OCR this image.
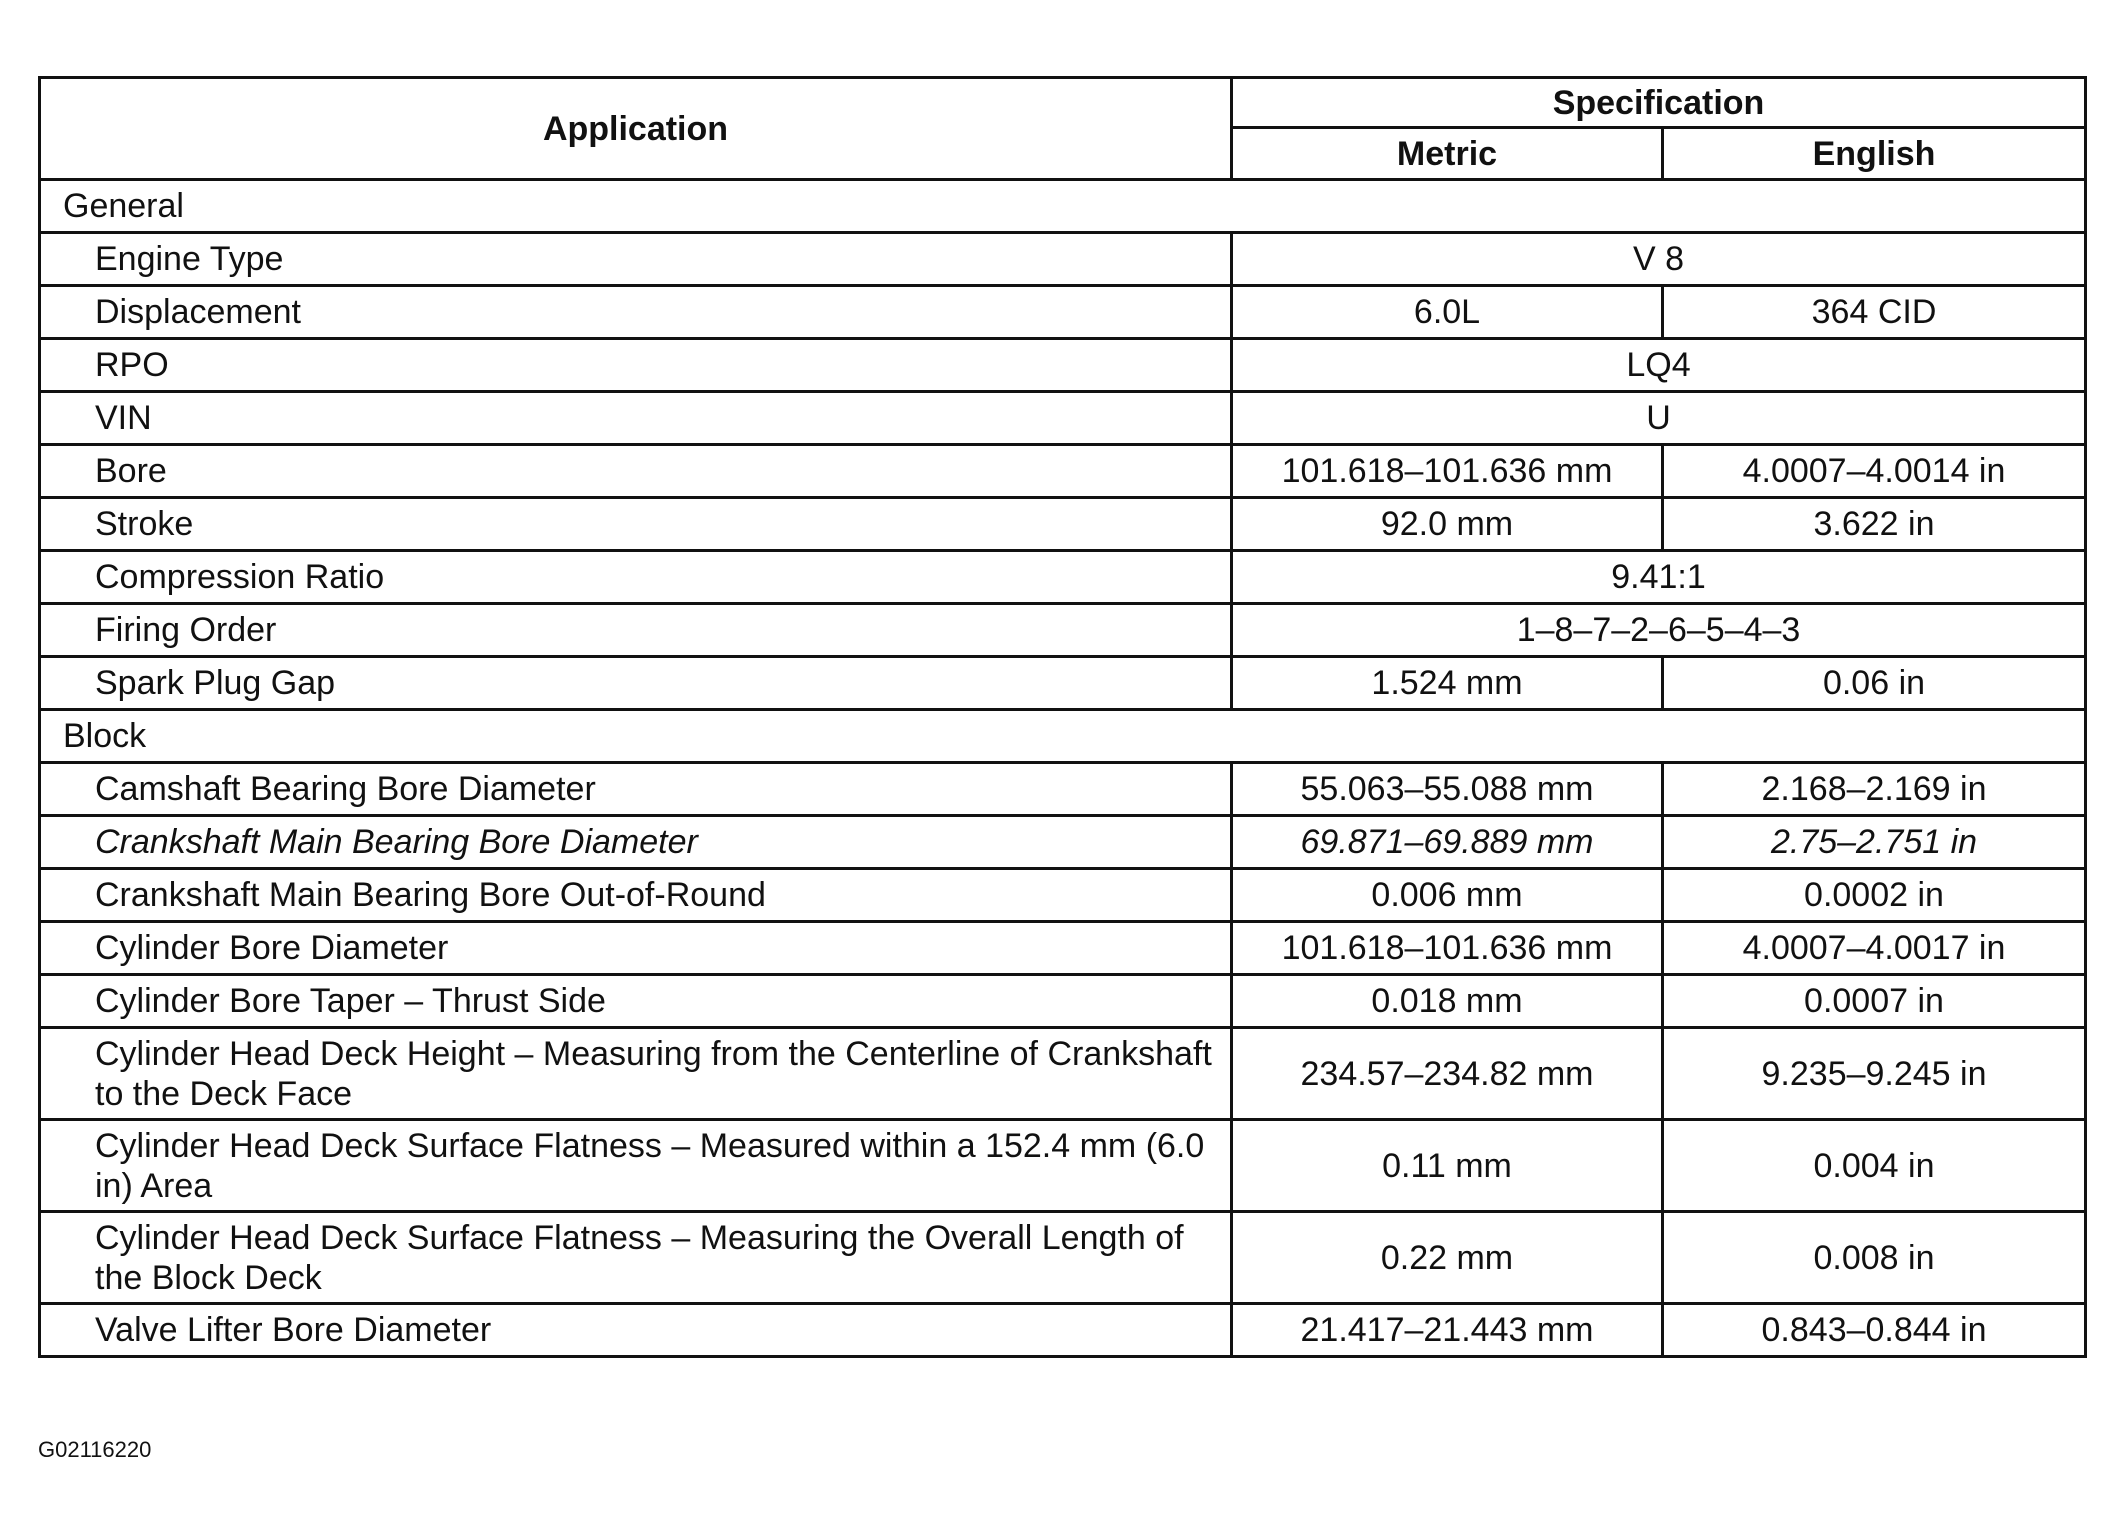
Application	Specification	
	Metric	English
General		
Engine Type	V 8	
Displacement	6.0L	364 CID
RPO	LQ4	
VIN	U	
Bore	101.618–101.636 mm	4.0007–4.0014 in
Stroke	92.0 mm	3.622 in
Compression Ratio	9.41:1	
Firing Order	1–8–7–2–6–5–4–3	
Spark Plug Gap	1.524 mm	0.06 in
Block		
Camshaft Bearing Bore Diameter	55.063–55.088 mm	2.168–2.169 in
Crankshaft Main Bearing Bore Diameter	69.871–69.889 mm	2.75–2.751 in
Crankshaft Main Bearing Bore Out-of-Round	0.006 mm	0.0002 in
Cylinder Bore Diameter	101.618–101.636 mm	4.0007–4.0017 in
Cylinder Bore Taper – Thrust Side	0.018 mm	0.0007 in
Cylinder Head Deck Height – Measuring from the Centerline of Crankshaft to the Deck Face	234.57–234.82 mm	9.235–9.245 in
Cylinder Head Deck Surface Flatness – Measured within a 152.4 mm (6.0 in) Area	0.11 mm	0.004 in
Cylinder Head Deck Surface Flatness – Measuring the Overall Length of the Block Deck	0.22 mm	0.008 in
Valve Lifter Bore Diameter	21.417–21.443 mm	0.843–0.844 in
G02116220
